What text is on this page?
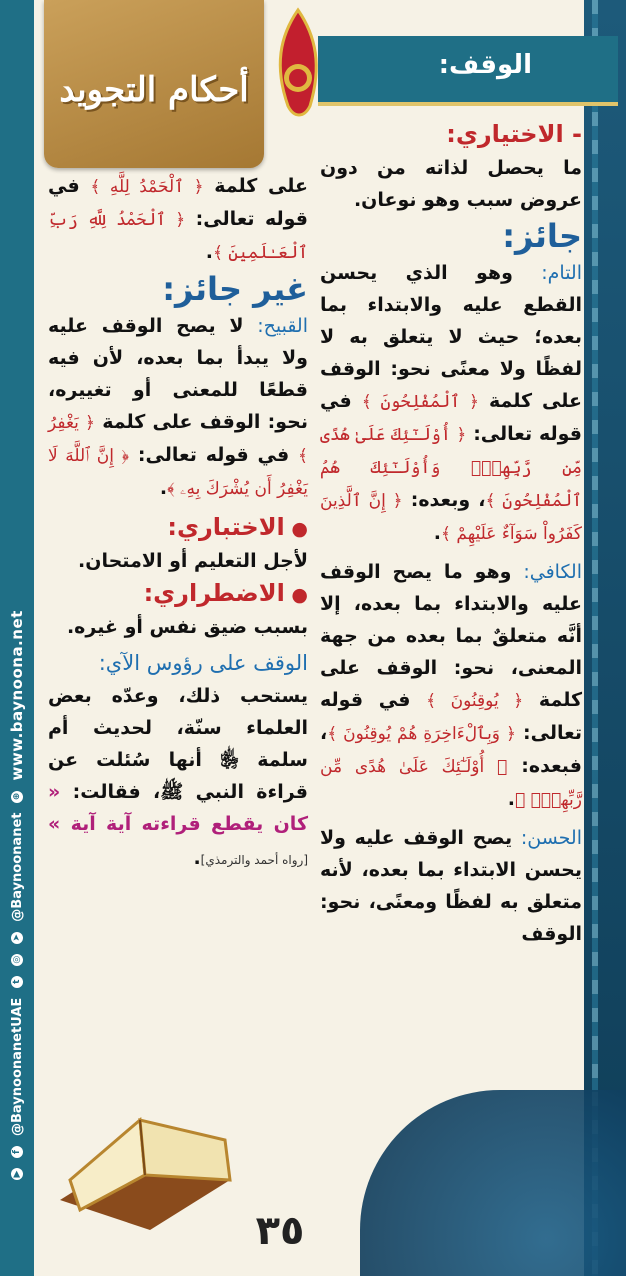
▶
f
@BaynoonanetUAE
t
◎
➤
@Baynoonanet
⊕
www.baynoona.net
أحكام التجويد
الوقف:

- الاختياري:

ما يحصل لذاته من دون عروض سبب وهو نوعان.

جائز:

التام: وهو الذي يحسن القطع عليه والابتداء بما بعده؛ حيث لا يتعلق به لا لفظًا ولا معنًى نحو: الوقف على كلمة ﴿ ٱلْمُفْلِحُونَ ﴾ في قوله تعالى: ﴿ أُوْلَـٰٓئِكَ عَلَىٰ هُدًى مِّن رَّبِّهِمْۖ وَأُوْلَـٰٓئِكَ هُمُ ٱلْمُفْلِحُونَ ﴾، وبعده: ﴿ إِنَّ ٱلَّذِينَ كَفَرُواْ سَوَآءٌ عَلَيْهِمْ ﴾.

الكافي: وهو ما يصح الوقف عليه والابتداء بما بعده، إلا أنَّه متعلقٌ بما بعده من جهة المعنى، نحو: الوقف على كلمة ﴿ يُوقِنُونَ ﴾ في قوله تعالى: ﴿ وَبِٱلْءَاخِرَةِ هُمْ يُوقِنُونَ ﴾، فبعده: ﴿ أُوْلَـٰٓئِكَ عَلَىٰ هُدًى مِّن رَّبِّهِمْۖ ﴾.

الحسن: يصح الوقف عليه ولا يحسن الابتداء بما بعده، لأنه متعلق به لفظًا ومعنًى، نحو: الوقف

على كلمة ﴿ ٱلْحَمْدُ لِلَّهِ ﴾ في قوله تعالى: ﴿ ٱلْحَمْدُ لِلَّهِ رَبِّ ٱلْعَـٰلَمِينَ ﴾.

غير جائز:

القبيح: لا يصح الوقف عليه ولا يبدأ بما بعده، لأن فيه قطعًا للمعنى أو تغييره، نحو: الوقف على كلمة ﴿ يَغْفِرُ ﴾ في قوله تعالى: ﴿ إِنَّ ٱللَّهَ لَا يَغْفِرُ أَن يُشْرَكَ بِهِۦ ﴾.

● الاختباري:

لأجل التعليم أو الامتحان.

● الاضطراري:

بسبب ضيق نفس أو غيره.

الوقف على رؤوس الآي:

يستحب ذلك، وعدّه بعض العلماء سنّة، لحديث أم سلمة ﵂ أنها سُئلت عن قراءة النبي ﷺ، فقالت: « كان يقطع قراءته آية آية » [رواه أحمد والترمذي].

٣٥
